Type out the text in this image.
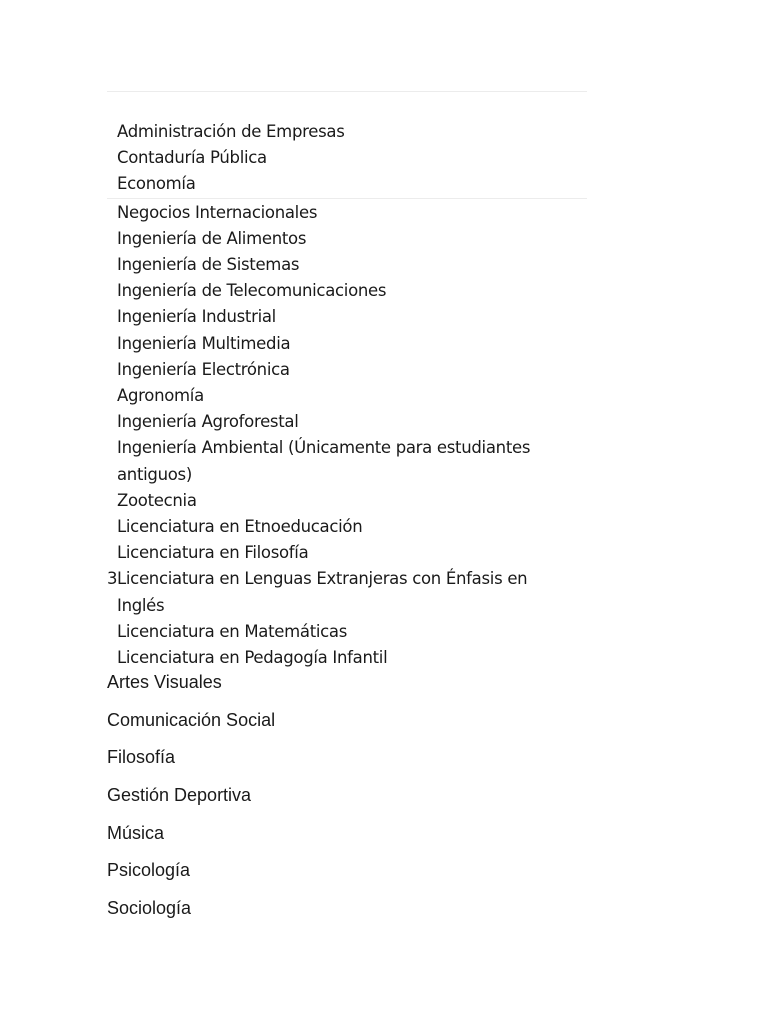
Administración de Empresas
Contaduría Pública
Economía
Negocios Internacionales
Ingeniería de Alimentos
Ingeniería de Sistemas
Ingeniería de Telecomunicaciones
Ingeniería Industrial
Ingeniería Multimedia
Ingeniería Electrónica
Agronomía
Ingeniería Agroforestal
Ingeniería Ambiental (Únicamente para estudiantes antiguos)
Zootecnia
Licenciatura en Etnoeducación
Licenciatura en Filosofía
3 Licenciatura en Lenguas Extranjeras con Énfasis en Inglés
Licenciatura en Matemáticas
Licenciatura en Pedagogía Infantil
Artes Visuales
Comunicación Social
Filosofía
Gestión Deportiva
Música
Psicología
Sociología
